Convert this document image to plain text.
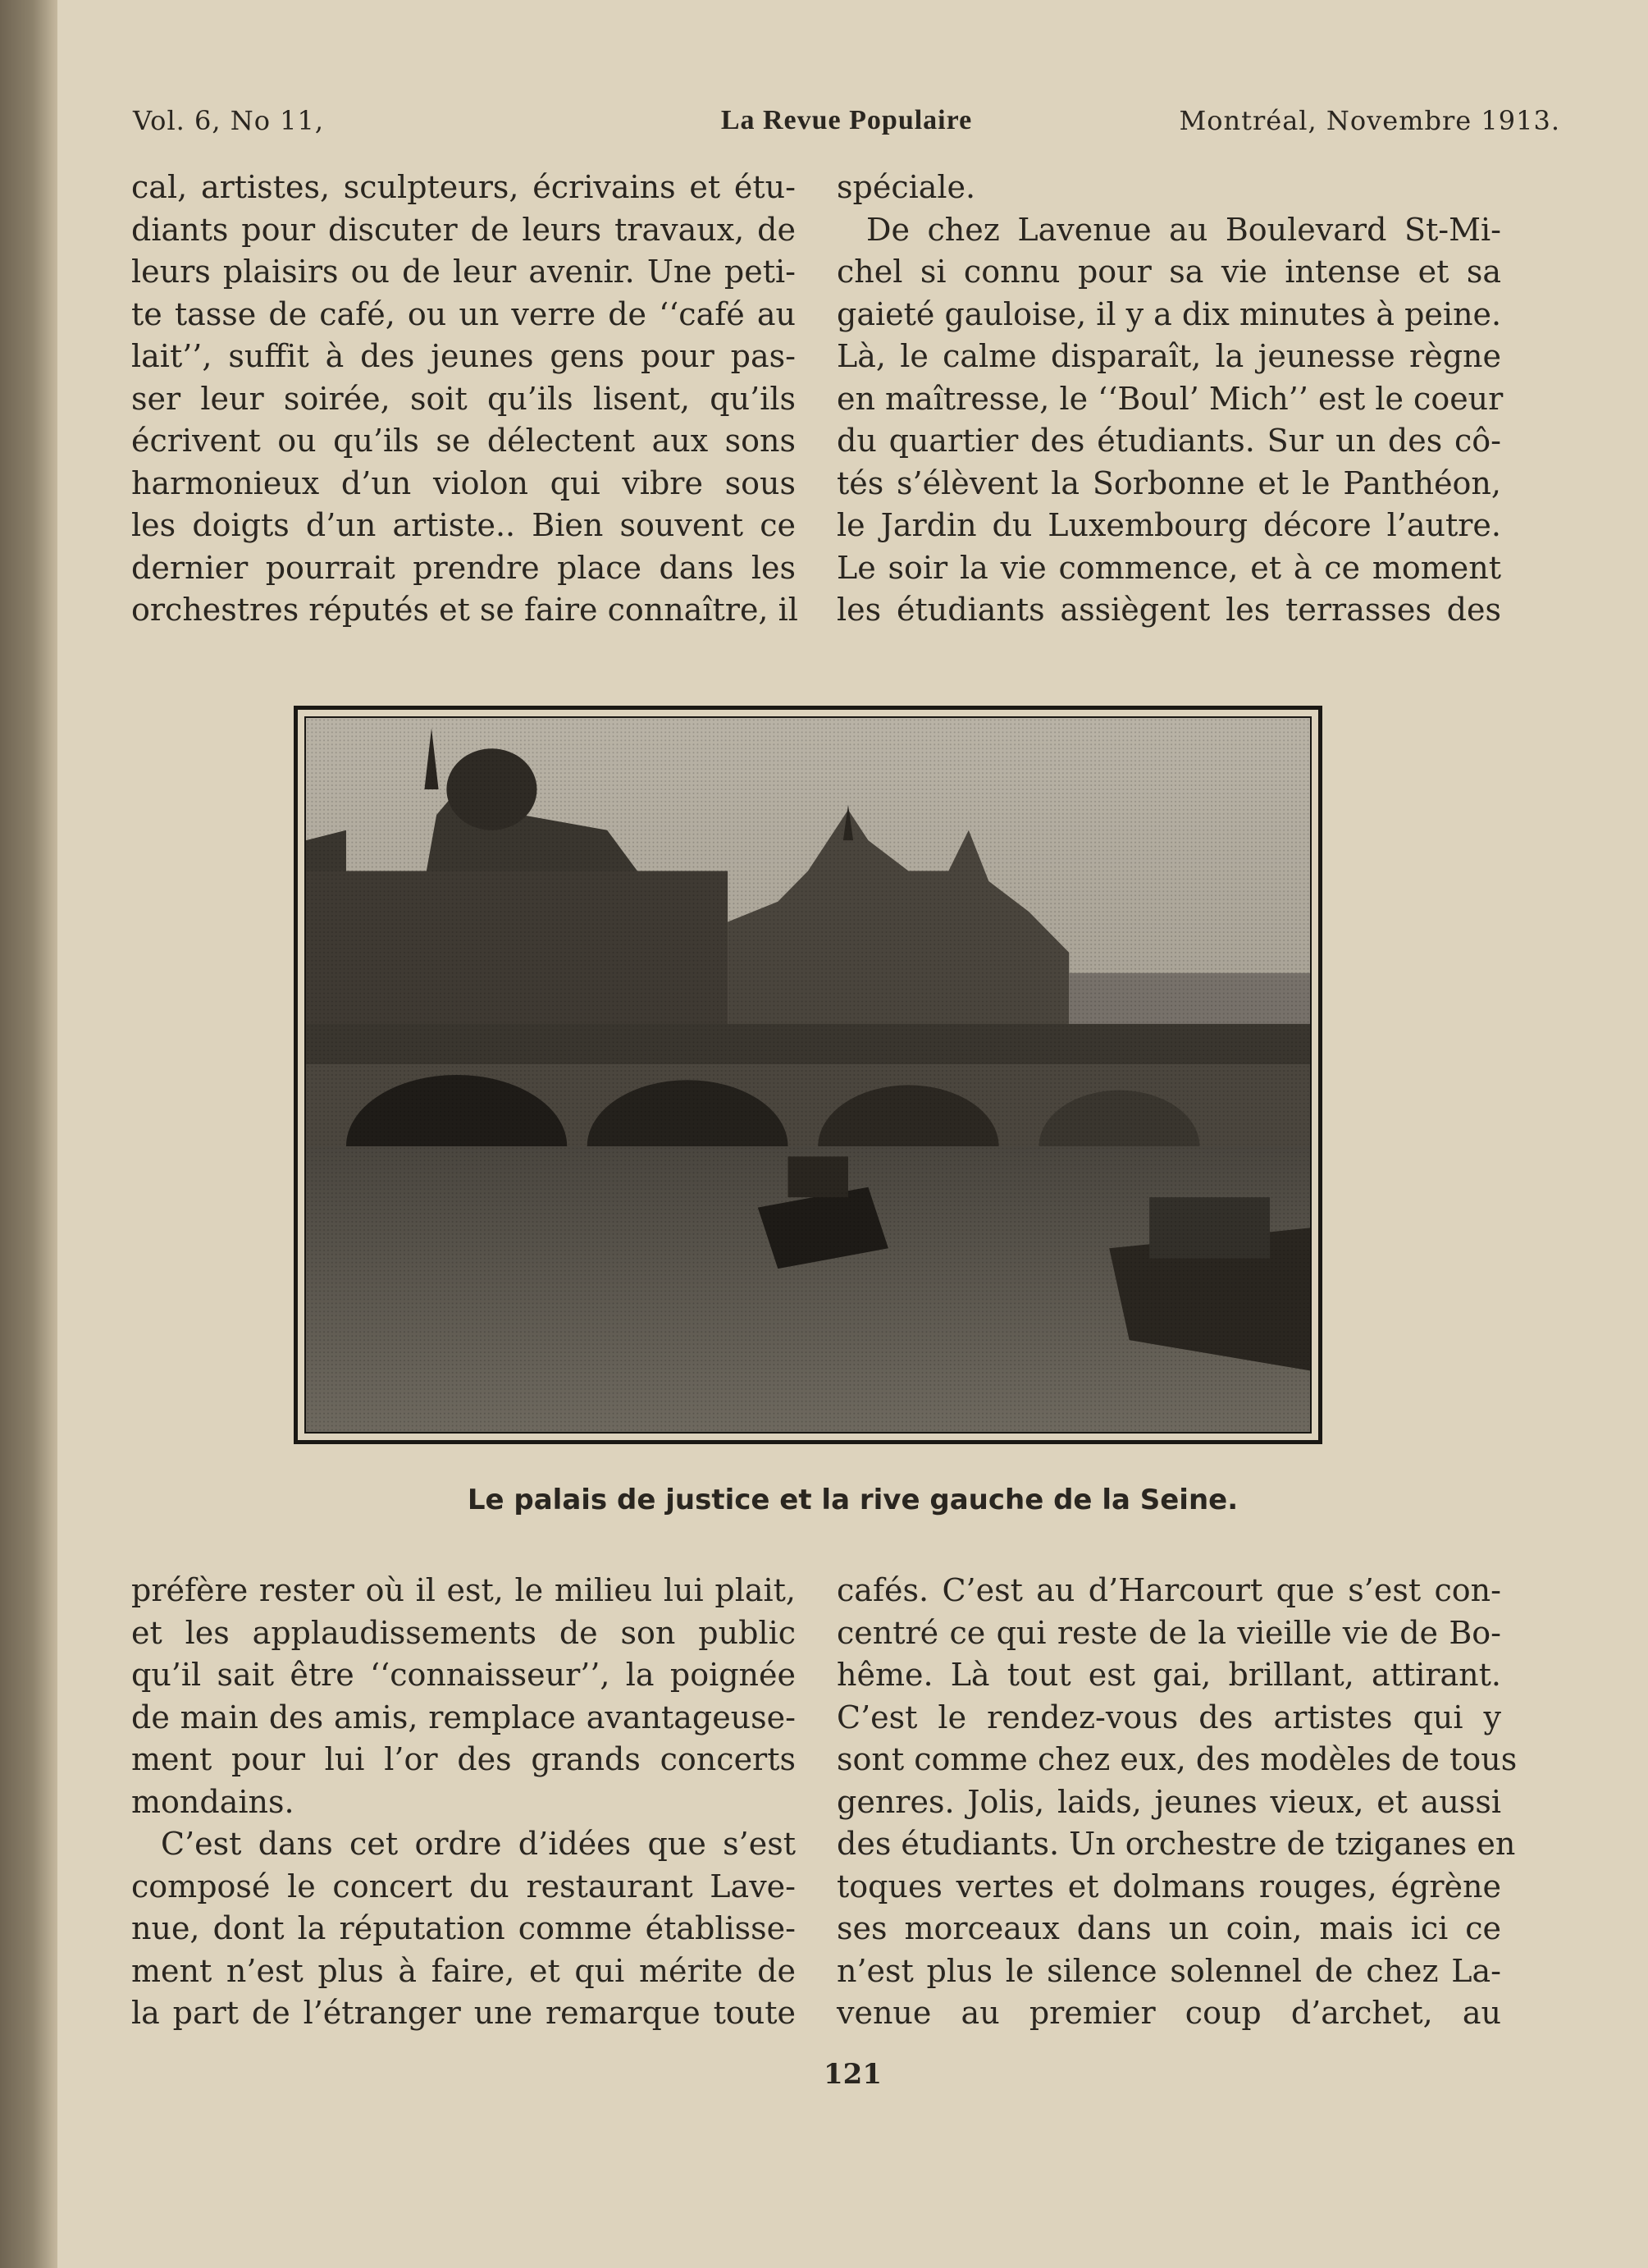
Vol. 6, No 11,	La Revue Populaire	Montréal, Novembre 1913.
cal, artistes, sculpteurs, écrivains et étu-
diants pour discuter de leurs travaux, de
leurs plaisirs ou de leur avenir. Une peti-
te tasse de café, ou un verre de ‘‘café au
lait’’, suffit à des jeunes gens pour pas-
ser leur soirée, soit qu’ils lisent, qu’ils
écrivent ou qu’ils se délectent aux sons
harmonieux d’un violon qui vibre sous
les doigts d’un artiste.. Bien souvent ce
dernier pourrait prendre place dans les
orchestres réputés et se faire connaître, il
spéciale.
De chez Lavenue au Boulevard St-Mi-
chel si connu pour sa vie intense et sa
gaieté gauloise, il y a dix minutes à peine.
Là, le calme disparaît, la jeunesse règne
en maîtresse, le ‘‘Boul’ Mich’’ est le coeur
du quartier des étudiants. Sur un des cô-
tés s’élèvent la Sorbonne et le Panthéon,
le Jardin du Luxembourg décore l’autre.
Le soir la vie commence, et à ce moment
les étudiants assiègent les terrasses des
Le palais de justice et la rive gauche de la Seine.
préfère rester où il est, le milieu lui plait,
et les applaudissements de son public
qu’il sait être ‘‘connaisseur’’, la poignée
de main des amis, remplace avantageuse-
ment pour lui l’or des grands concerts
mondains.
C’est dans cet ordre d’idées que s’est
composé le concert du restaurant Lave-
nue, dont la réputation comme établisse-
ment n’est plus à faire, et qui mérite de
la part de l’étranger une remarque toute
cafés. C’est au d’Harcourt que s’est con-
centré ce qui reste de la vieille vie de Bo-
hême. Là tout est gai, brillant, attirant.
C’est le rendez-vous des artistes qui y
sont comme chez eux, des modèles de tous
genres. Jolis, laids, jeunes vieux, et aussi
des étudiants. Un orchestre de tziganes en
toques vertes et dolmans rouges, égrène
ses morceaux dans un coin, mais ici ce
n’est plus le silence solennel de chez La-
venue au premier coup d’archet, au
121
